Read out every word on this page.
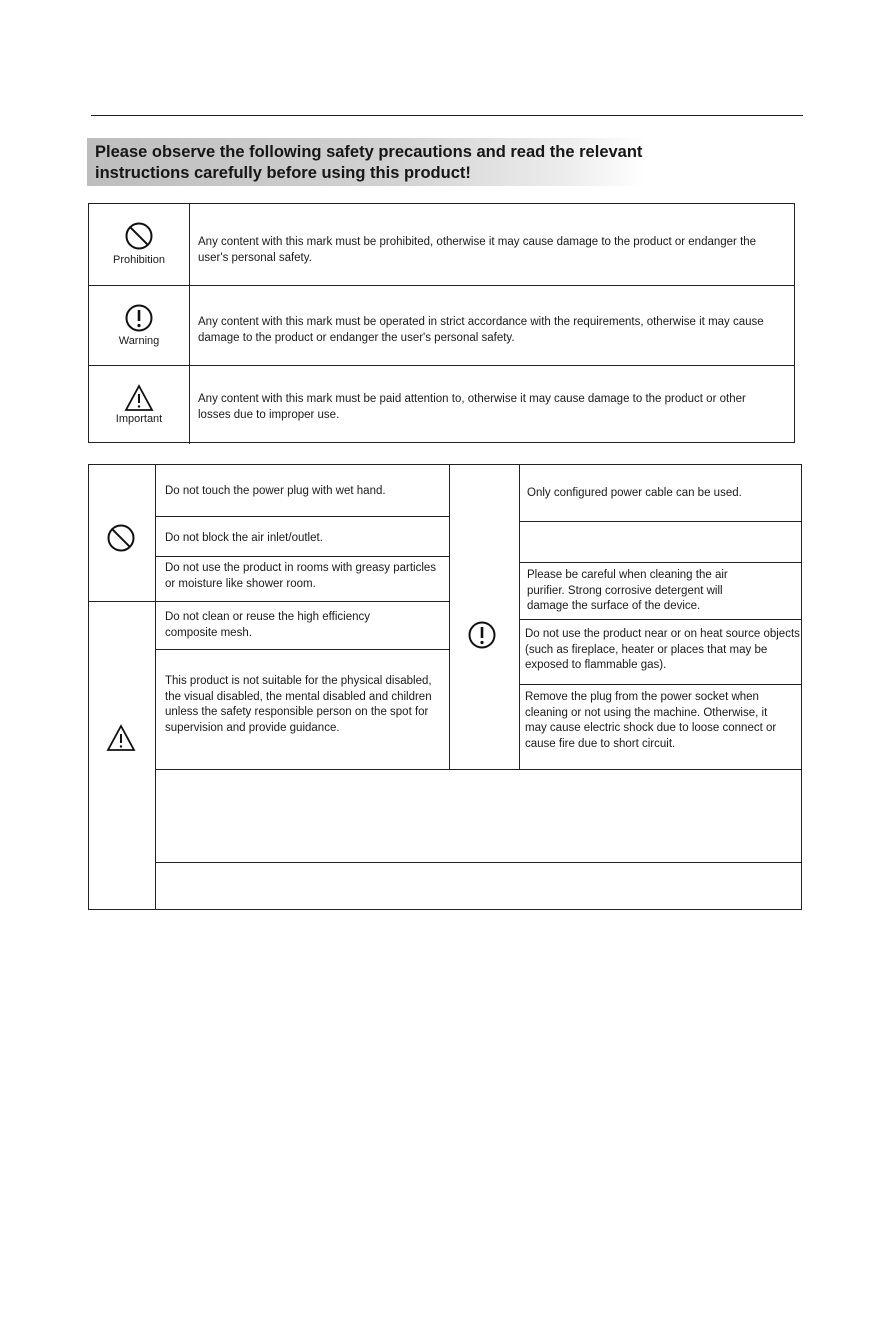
Please observe the following safety precautions and read the relevant
instructions carefully before using this product!
Prohibition
Any content with this mark must be prohibited, otherwise it may cause damage to the product or endanger the user's personal safety.
Warning
Any content with this mark must be operated in strict accordance with the requirements, otherwise it may cause damage to the product or endanger the user's personal safety.
Important
Any content with this mark must be paid attention to, otherwise it may cause damage to the product or other losses due to improper use.
Do not touch the power plug with wet hand.
Do not block the air inlet/outlet.
Do not use the product in rooms with greasy particles or moisture like shower room.
Do not clean or reuse the high efficiency composite mesh.
This product is not suitable for the physical disabled, the visual disabled, the mental disabled and children unless the safety responsible person on the spot for supervision and provide guidance.
Only configured power cable can be used.
Please be careful when cleaning the air purifier. Strong corrosive detergent will damage the surface of the device.
Do not use the product near or on heat source objects (such as fireplace, heater or places that may be exposed to flammable gas).
Remove the plug from the power socket when cleaning or not using the machine. Otherwise, it may cause electric shock due to loose connect or cause fire due to short circuit.
